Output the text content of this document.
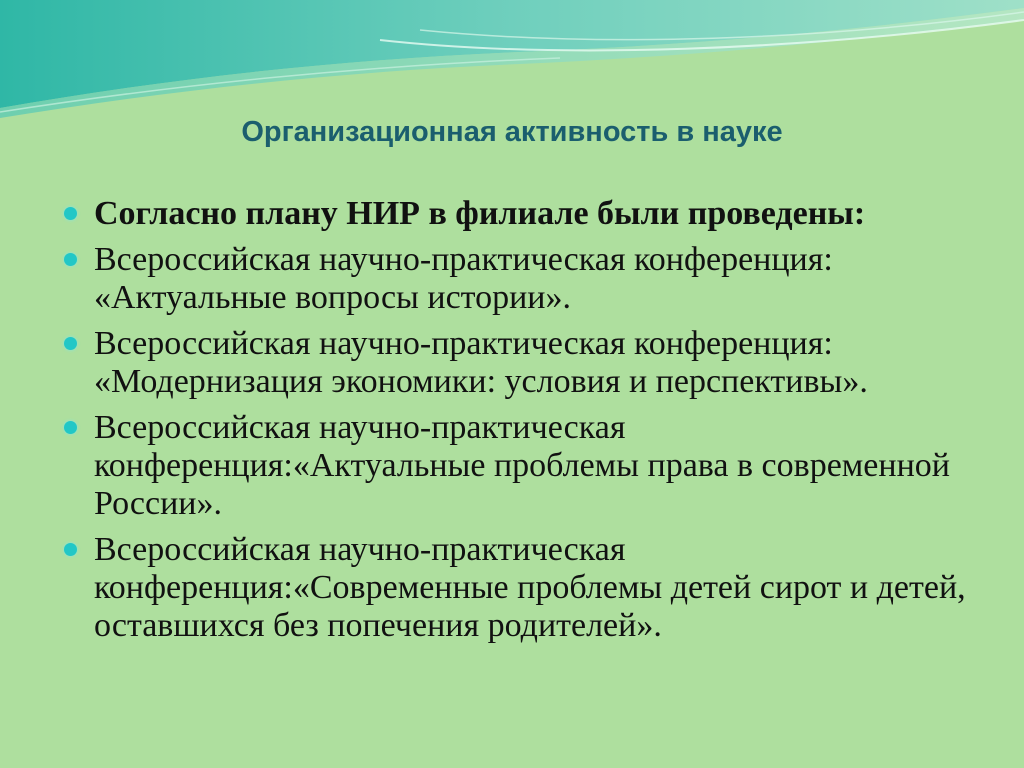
Организационная активность в науке
Согласно плану НИР в филиале были проведены:
Всероссийская научно-практическая конференция: «Актуальные вопросы истории».
Всероссийская научно-практическая конференция: «Модернизация экономики: условия и перспективы».
Всероссийская научно-практическая конференция:«Актуальные проблемы права в современной России».
Всероссийская научно-практическая конференция:«Современные проблемы детей сирот и детей, оставшихся без попечения родителей».
